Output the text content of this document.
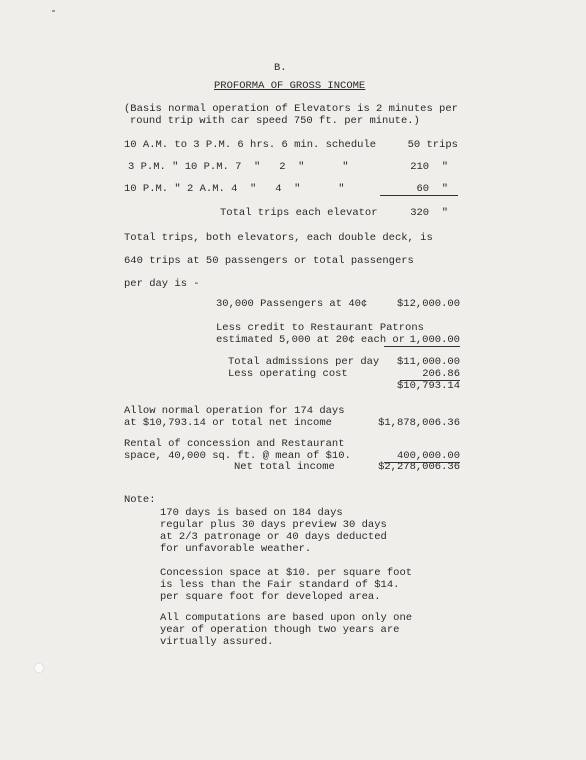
B.
PROFORMA OF GROSS INCOME
(Basis normal operation of Elevators is 2 minutes per
round trip with car speed 750 ft. per minute.)
10 A.M. to 3 P.M. 6 hrs. 6 min. schedule	50 trips
3 P.M. " 10 P.M. 7  "   2  "      "	210  "
10 P.M. " 2 A.M. 4  "   4  "      "	60  "
Total trips each elevator	320  "
Total trips, both elevators, each double deck, is
640 trips at 50 passengers or total passengers
per day is -
30,000 Passengers at 40¢	$12,000.00
Less credit to Restaurant Patrons
estimated 5,000 at 20¢ each or 1,000.00
Total admissions per day	$11,000.00
Less operating cost	206.86
$10,793.14
Allow normal operation for 174 days
at $10,793.14 or total net income	$1,878,006.36
Rental of concession and Restaurant
space, 40,000 sq. ft. @ mean of $10.	400,000.00
Net total income	$2,278,006.36
Note:
170 days is based on 184 days
regular plus 30 days preview 30 days
at 2/3 patronage or 40 days deducted
for unfavorable weather.
Concession space at $10. per square foot
is less than the Fair standard of $14.
per square foot for developed area.
All computations are based upon only one
year of operation though two years are
virtually assured.
